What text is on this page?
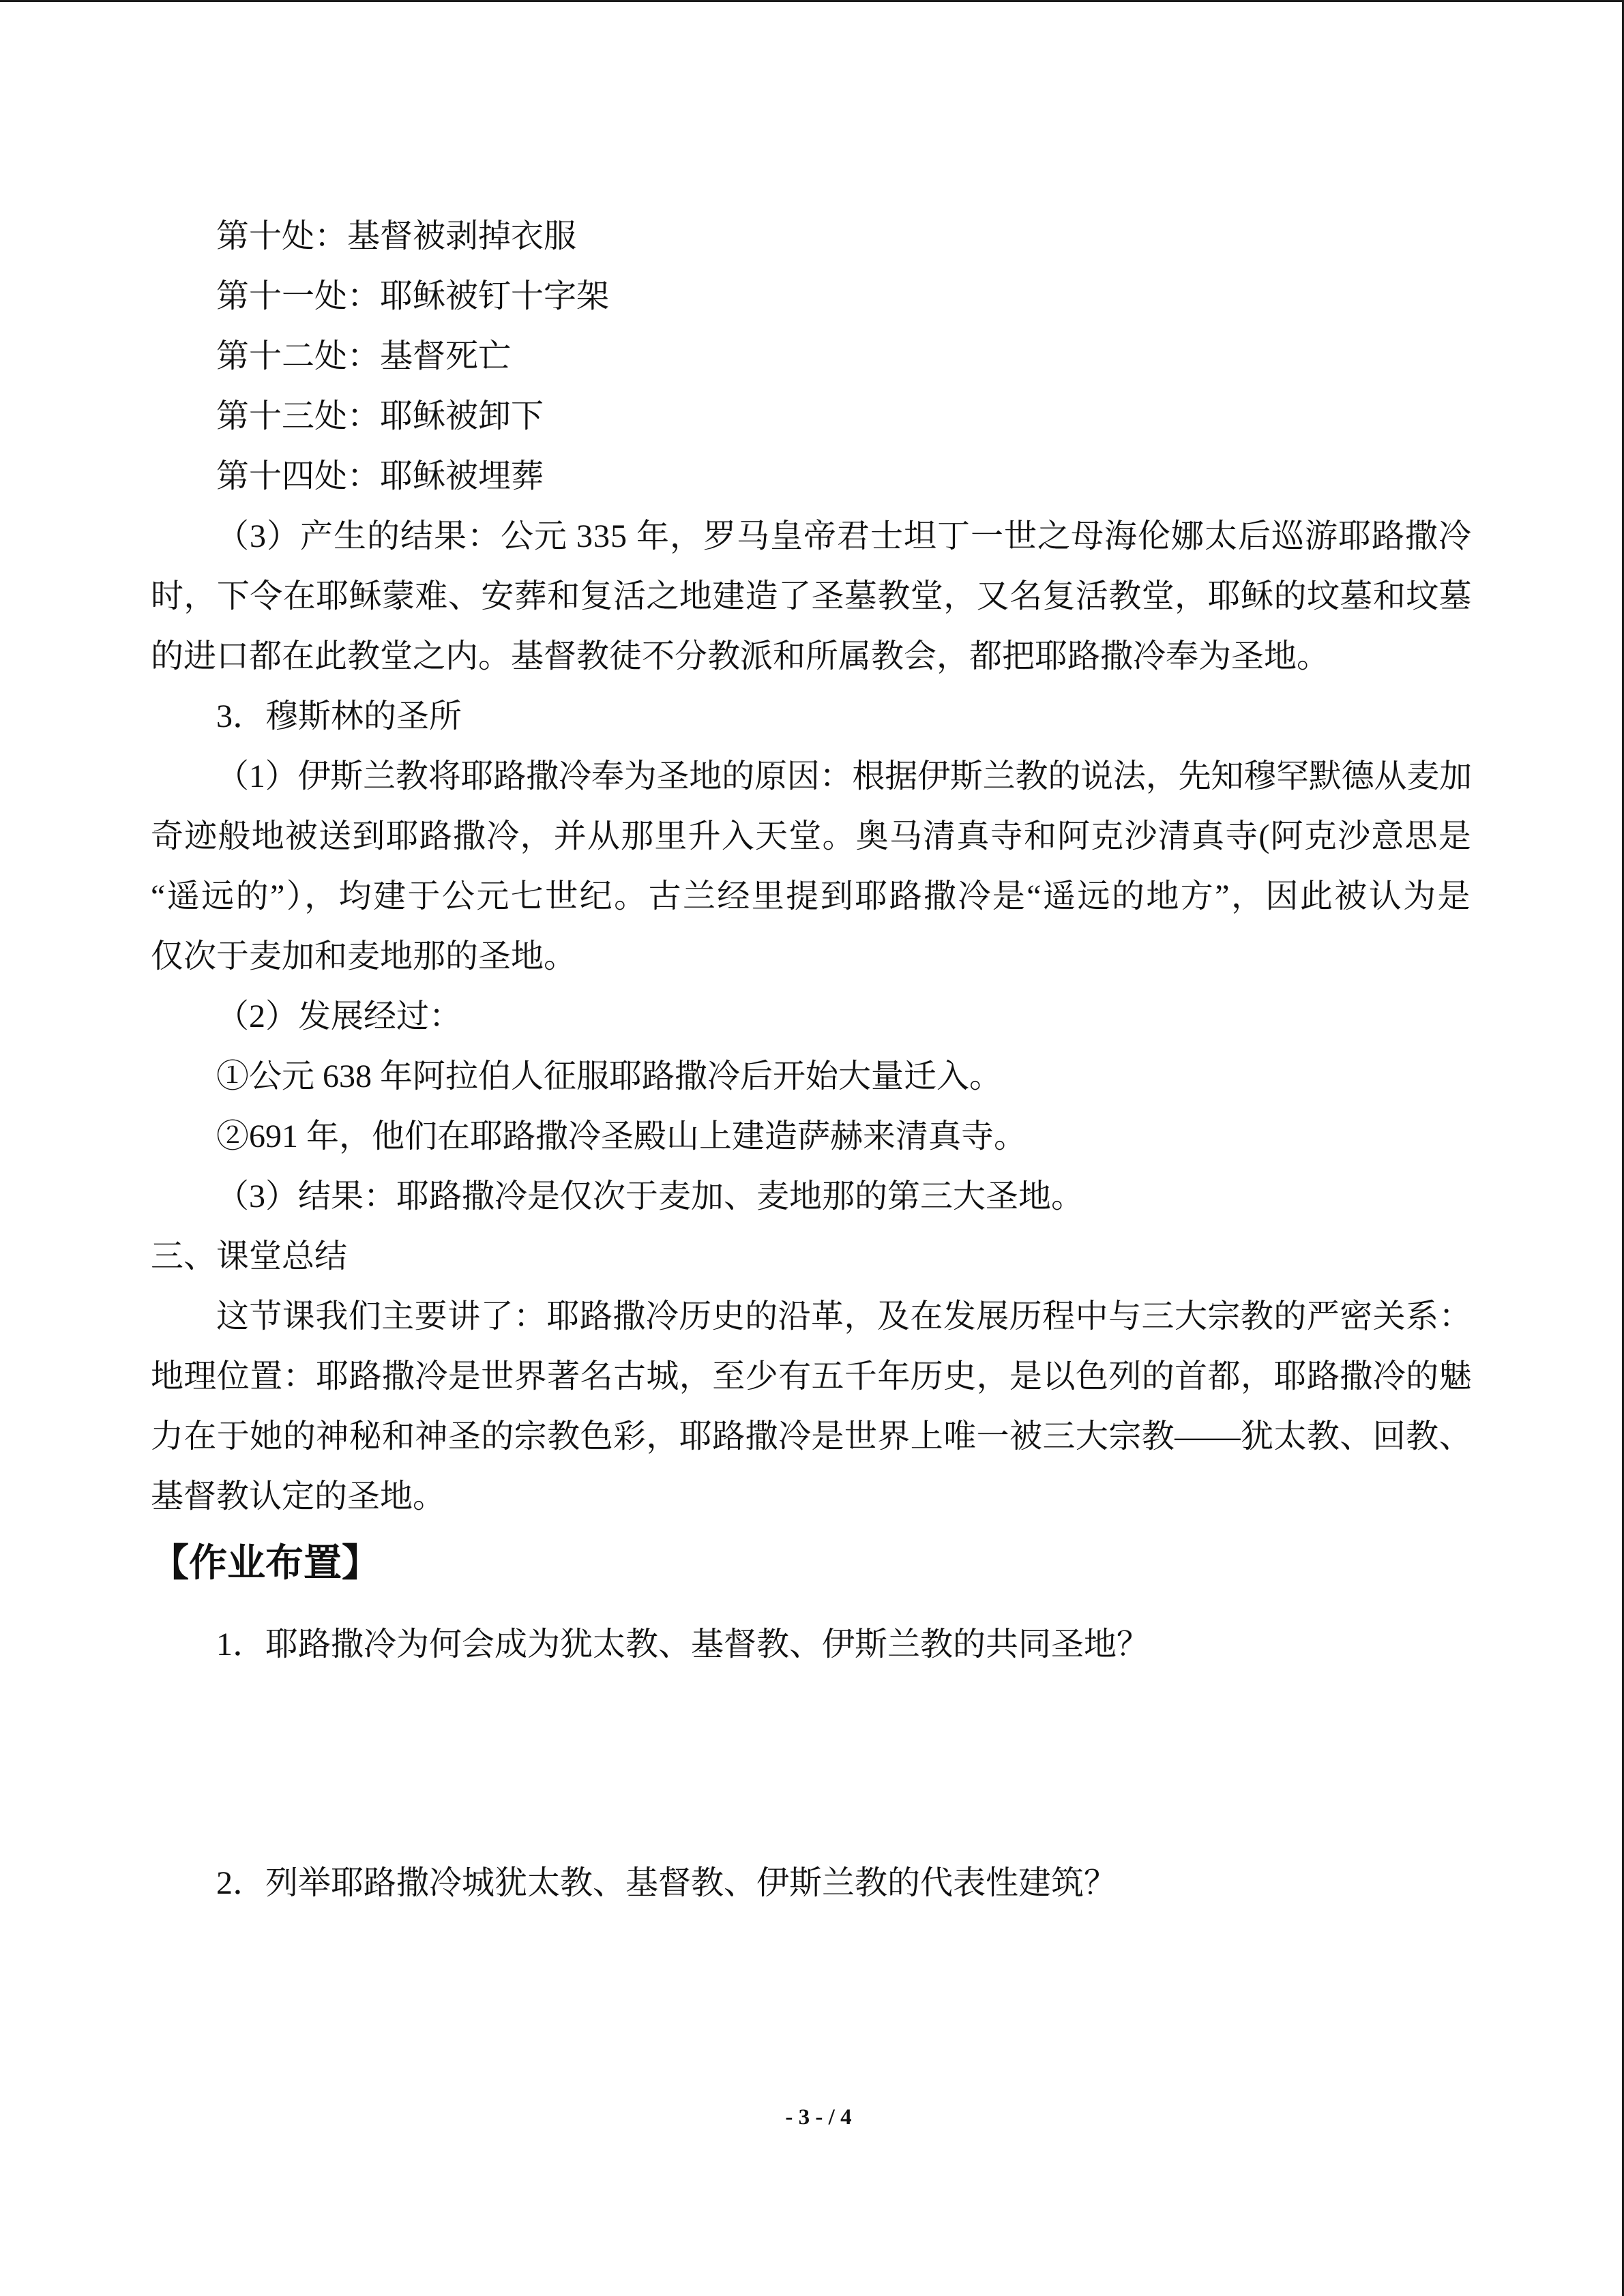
第十处：基督被剥掉衣服
第十一处：耶稣被钉十字架
第十二处：基督死亡
第十三处：耶稣被卸下
第十四处：耶稣被埋葬
（3）产生的结果：公元 335 年，罗马皇帝君士坦丁一世之母海伦娜太后巡游耶路撒冷
时，下令在耶稣蒙难、安葬和复活之地建造了圣墓教堂，又名复活教堂，耶稣的坟墓和坟墓
的进口都在此教堂之内。基督教徒不分教派和所属教会，都把耶路撒冷奉为圣地。
3．穆斯林的圣所
（1）伊斯兰教将耶路撒冷奉为圣地的原因：根据伊斯兰教的说法，先知穆罕默德从麦加
奇迹般地被送到耶路撒冷，并从那里升入天堂。奥马清真寺和阿克沙清真寺(阿克沙意思是
“遥远的”），均建于公元七世纪。古兰经里提到耶路撒冷是“遥远的地方”，因此被认为是
仅次于麦加和麦地那的圣地。
（2）发展经过：
①公元 638 年阿拉伯人征服耶路撒冷后开始大量迁入。
②691 年，他们在耶路撒冷圣殿山上建造萨赫来清真寺。
（3）结果：耶路撒冷是仅次于麦加、麦地那的第三大圣地。
三、课堂总结
这节课我们主要讲了：耶路撒冷历史的沿革，及在发展历程中与三大宗教的严密关系：
地理位置：耶路撒冷是世界著名古城，至少有五千年历史，是以色列的首都，耶路撒冷的魅
力在于她的神秘和神圣的宗教色彩，耶路撒冷是世界上唯一被三大宗教——犹太教、回教、
基督教认定的圣地。
【作业布置】
1．耶路撒冷为何会成为犹太教、基督教、伊斯兰教的共同圣地？
2．列举耶路撒冷城犹太教、基督教、伊斯兰教的代表性建筑？
- 3 - / 4
